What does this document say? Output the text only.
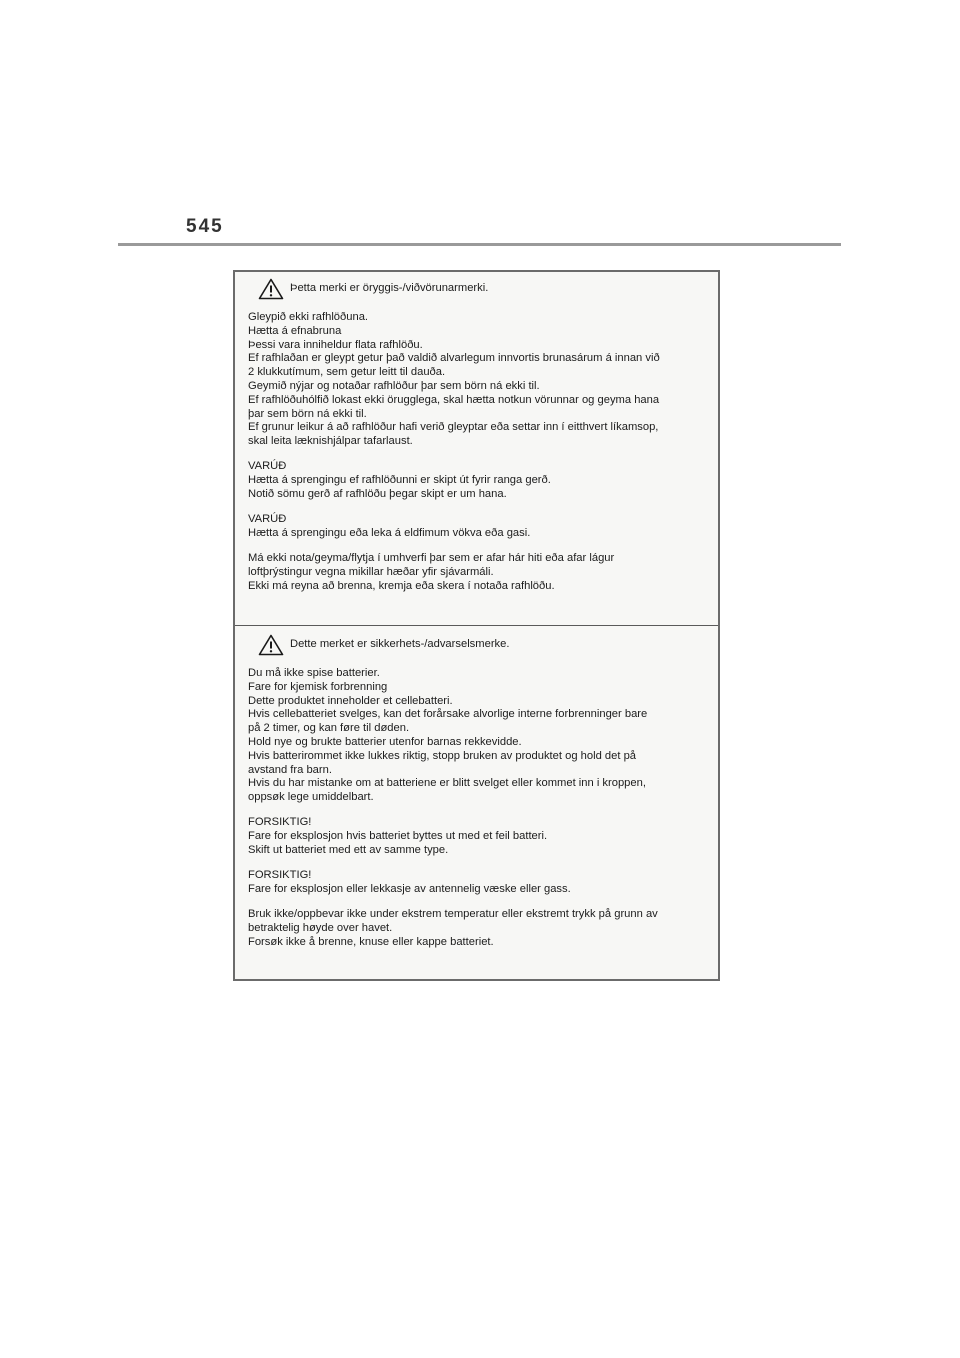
545
Þetta merki er öryggis-/viðvörunarmerki.
Gleypið ekki rafhlöðuna.
Hætta á efnabruna
Þessi vara inniheldur flata rafhlöðu.
Ef rafhlaðan er gleypt getur það valdið alvarlegum innvortis brunasárum á innan við
2 klukkutímum, sem getur leitt til dauða.
Geymið nýjar og notaðar rafhlöður þar sem börn ná ekki til.
Ef rafhlöðuhólfið lokast ekki örugglega, skal hætta notkun vörunnar og geyma hana
þar sem börn ná ekki til.
Ef grunur leikur á að rafhlöður hafi verið gleyptar eða settar inn í eitthvert líkamsop,
skal leita læknishjálpar tafarlaust.
VARÚÐ
Hætta á sprengingu ef rafhlöðunni er skipt út fyrir ranga gerð.
Notið sömu gerð af rafhlöðu þegar skipt er um hana.
VARÚÐ
Hætta á sprengingu eða leka á eldfimum vökva eða gasi.
Má ekki nota/geyma/flytja í umhverfi þar sem er afar hár hiti eða afar lágur
loftþrýstingur vegna mikillar hæðar yfir sjávarmáli.
Ekki má reyna að brenna, kremja eða skera í notaða rafhlöðu.
Dette merket er sikkerhets-/advarselsmerke.
Du må ikke spise batterier.
Fare for kjemisk forbrenning
Dette produktet inneholder et cellebatteri.
Hvis cellebatteriet svelges, kan det forårsake alvorlige interne forbrenninger bare
på 2 timer, og kan føre til døden.
Hold nye og brukte batterier utenfor barnas rekkevidde.
Hvis batterirommet ikke lukkes riktig, stopp bruken av produktet og hold det på
avstand fra barn.
Hvis du har mistanke om at batteriene er blitt svelget eller kommet inn i kroppen,
oppsøk lege umiddelbart.
FORSIKTIG!
Fare for eksplosjon hvis batteriet byttes ut med et feil batteri.
Skift ut batteriet med ett av samme type.
FORSIKTIG!
Fare for eksplosjon eller lekkasje av antennelig væske eller gass.
Bruk ikke/oppbevar ikke under ekstrem temperatur eller ekstremt trykk på grunn av
betraktelig høyde over havet.
Forsøk ikke å brenne, knuse eller kappe batteriet.
